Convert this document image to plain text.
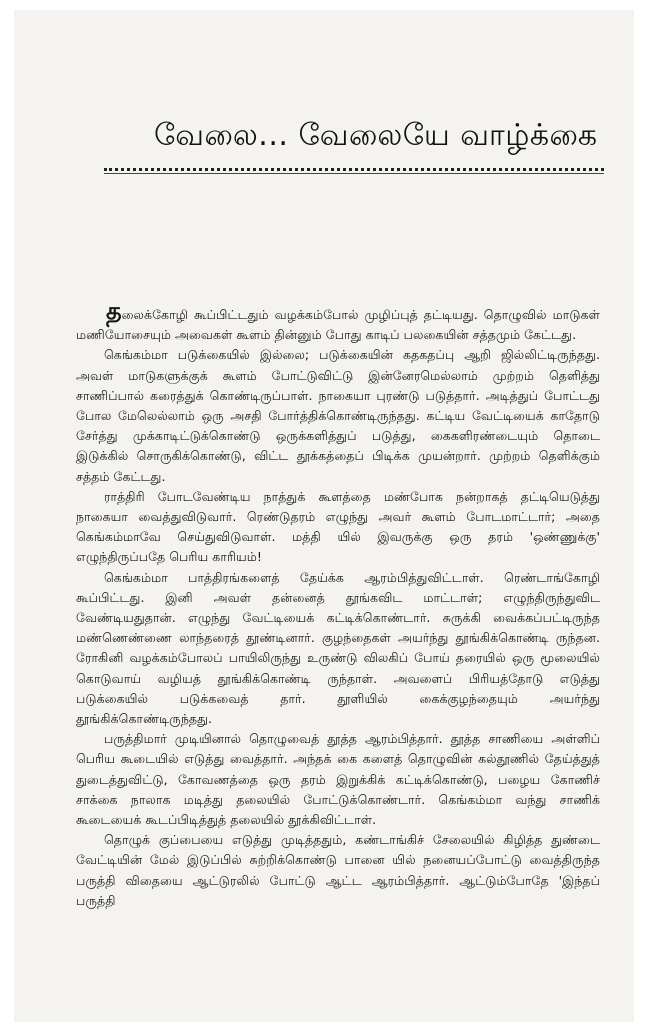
வேலை... வேலையே வாழ்க்கை

தலைக்கோழி கூப்பிட்டதும் வழக்கம்போல் முழிப்புத் தட்டியது. தொழுவில் மாடுகள் மணியோசையும் அவைகள் கூளம் தின்னும் போது காடிப் பலகையின் சத்தமும் கேட்டது.

கெங்கம்மா படுக்கையில் இல்லை; படுக்கையின் கதகதப்பு ஆறி ஜில்லிட்டிருந்தது. அவள் மாடுகளுக்குக் கூளம் போட்டுவிட்டு இன்னேரமெல்லாம் முற்றம் தெளித்து சாணிப்பால் கரைத்துக் கொண்டிருப்பாள். நாகையா புரண்டு படுத்தார். அடித்துப் போட்டது போல மேலெல்லாம் ஒரு அசதி போர்த்திக்கொண்டிருந்தது. கட்டிய வேட்டியைக் காதோடு சேர்த்து முக்காடிட்டுக்கொண்டு ஒருக்களித்துப் படுத்து, கைகளிரண்டையும் தொடை இடுக்கில் சொருகிக்கொண்டு, விட்ட தூக்கத்தைப் பிடிக்க முயன்றார். முற்றம் தெளிக்கும் சத்தம் கேட்டது.

ராத்திரி போடவேண்டிய நாத்துக் கூளத்தை மண்போக நன்றாகத் தட்டியெடுத்து நாகையா வைத்துவிடுவார். ரெண்டுதரம் எழுந்து அவர் கூளம் போடமாட்டார்; அதை கெங்கம்மாவே செய்துவிடுவாள். மத்தி யில் இவருக்கு ஒரு தரம் 'ஒண்ணுக்கு' எழுந்திருப்பதே பெரிய காரியம்!

கெங்கம்மா பாத்திரங்களைத் தேய்க்க ஆரம்பித்துவிட்டாள். ரெண்டாங்கோழி கூப்பிட்டது. இனி அவள் தன்னைத் தூங்கவிட மாட்டாள்; எழுந்திருந்துவிட வேண்டியதுதான். எழுந்து வேட்டியைக் கட்டிக்கொண்டார். சுருக்கி வைக்கப்பட்டிருந்த மண்ணெண்ணை லாந்தரைத் தூண்டினார். குழந்தைகள் அயர்ந்து தூங்கிக்கொண்டி ருந்தன. ரோகினி வழக்கம்போலப் பாயிலிருந்து உருண்டு விலகிப் போய் தரையில் ஒரு மூலையில் கொடுவாய் வழியத் தூங்கிக்கொண்டி ருந்தாள். அவளைப் பிரியத்தோடு எடுத்து படுக்கையில் படுக்கவைத் தார். தூளியில் கைக்குழந்தையும் அயர்ந்து தூங்கிக்கொண்டிருந்தது.

பருத்திமார் முடியினால் தொழுவைத் தூத்த ஆரம்பித்தார். தூத்த சாணியை அள்ளிப் பெரிய கூடையில் எடுத்து வைத்தார். அந்தக் கை களைத் தொழுவின் கல்தூணில் தேய்த்துத் துடைத்துவிட்டு, கோவணத்தை ஒரு தரம் இறுக்கிக் கட்டிக்கொண்டு, பழைய கோணிச் சாக்கை நாலாக மடித்து தலையில் போட்டுக்கொண்டார். கெங்கம்மா வந்து சாணிக் கூடையைக் கூடப்பிடித்துத் தலையில் தூக்கிவிட்டாள்.

தொழுக் குப்பையை எடுத்து முடித்ததும், கண்டாங்கிச் சேலையில் கிழித்த துண்டை வேட்டியின் மேல் இடுப்பில் சுற்றிக்கொண்டு பானை யில் நனையப்போட்டு வைத்திருந்த பருத்தி விதையை ஆட்டுரலில் போட்டு ஆட்ட ஆரம்பித்தார். ஆட்டும்போதே 'இந்தப் பருத்தி
